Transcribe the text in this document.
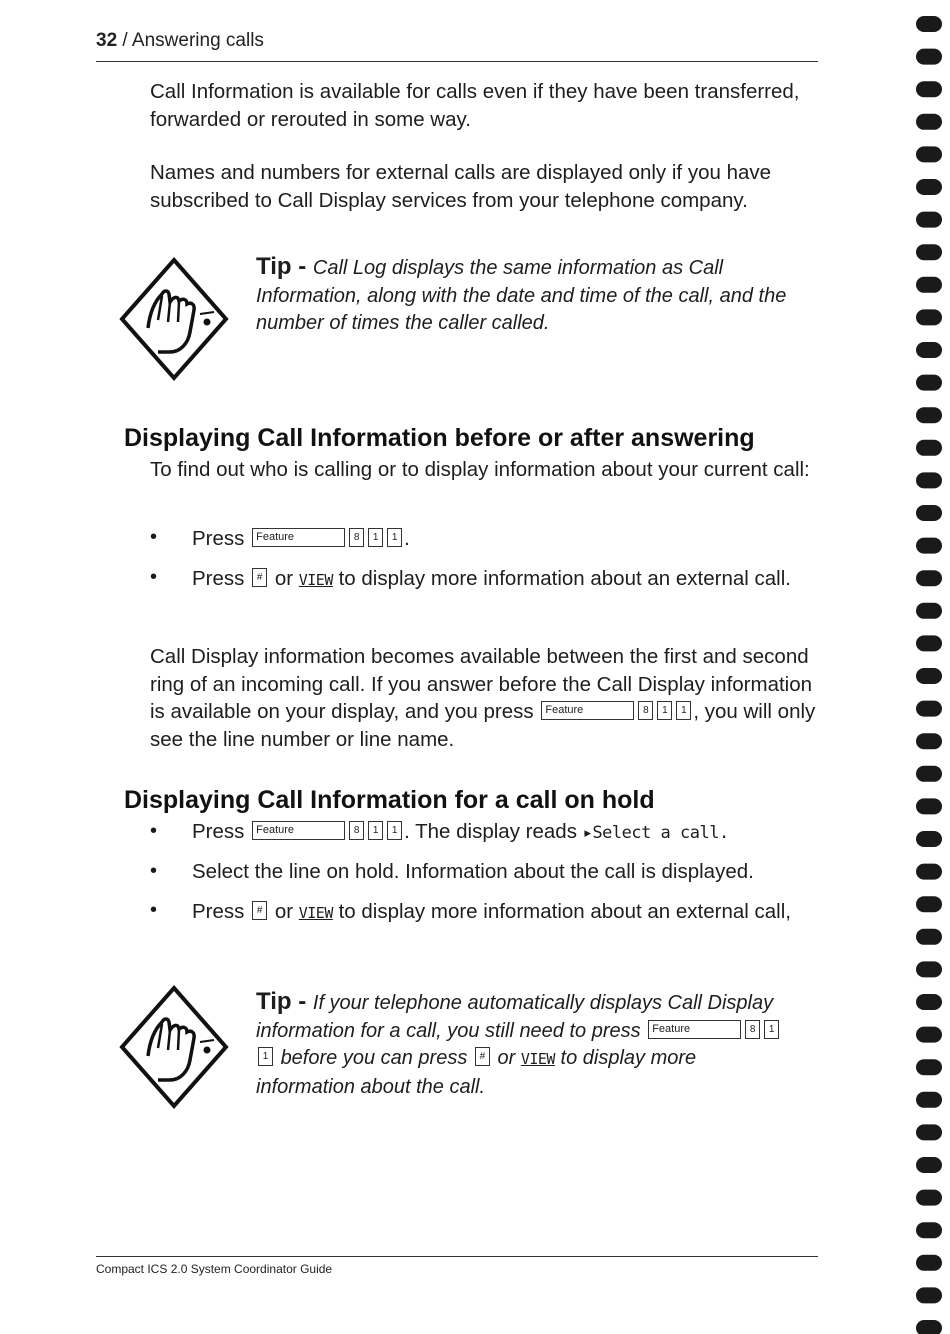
32 / Answering calls
Call Information is available for calls even if they have been transferred, forwarded or rerouted in some way.
Names and numbers for external calls are displayed only if you have subscribed to Call Display services from your telephone company.
Tip - Call Log displays the same information as Call Information, along with the date and time of the call, and the number of times the caller called.
Displaying Call Information before or after answering
To find out who is calling or to display information about your current call:
• Press Feature	8 1 1 .
• Press # or VIEW to display more information about an external call.
Call Display information becomes available between the first and second ring of an incoming call. If you answer before the Call Display information is available on your display, and you press Feature	8 1 1 , you will only see the line number or line name.
Displaying Call Information for a call on hold
• Press Feature	8 1 1 . The display reads ▸Select a call.
• Select the line on hold. Information about the call is displayed.
• Press # or VIEW to display more information about an external call,
Tip - If your telephone automatically displays Call Display information for a call, you still need to press Feature	8 11 before you can press # or VIEW to display more information about the call.
Compact ICS 2.0 System Coordinator Guide
